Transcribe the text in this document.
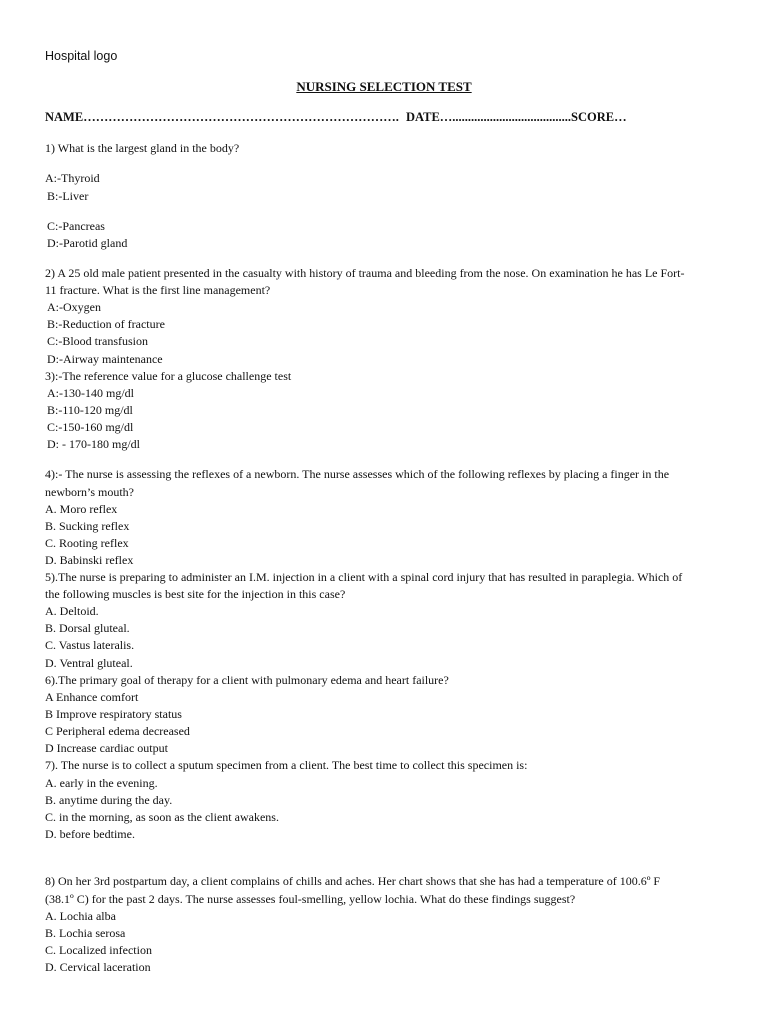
Hospital logo
NURSING SELECTION TEST
NAME…………………………………………………………………. DATE…......................................SCORE…
1) What is the largest gland in the body?
A:-Thyroid
B:-Liver
C:-Pancreas
D:-Parotid gland
2) A 25 old male patient presented in the casualty with history of trauma and bleeding from the nose. On examination he has Le Fort-
11 fracture. What is the first line management?
A:-Oxygen
B:-Reduction of fracture
C:-Blood transfusion
D:-Airway maintenance
3):-The reference value for a glucose challenge test
A:-130-140 mg/dl
B:-110-120 mg/dl
C:-150-160 mg/dl
D: - 170-180 mg/dl
4):- The nurse is assessing the reflexes of a newborn. The nurse assesses which of the following reflexes by placing a finger in the
newborn’s mouth?
A. Moro reflex
B. Sucking reflex
C. Rooting reflex
D. Babinski reflex
5).The nurse is preparing to administer an I.M. injection in a client with a spinal cord injury that has resulted in paraplegia. Which of
the following muscles is best site for the injection in this case?
A. Deltoid.
B. Dorsal gluteal.
C. Vastus lateralis.
D. Ventral gluteal.
6).The primary goal of therapy for a client with pulmonary edema and heart failure?
A Enhance comfort
B Improve respiratory status
C Peripheral edema decreased
D Increase cardiac output
7). The nurse is to collect a sputum specimen from a client. The best time to collect this specimen is:
A. early in the evening.
B. anytime during the day.
C. in the morning, as soon as the client awakens.
D. before bedtime.
8) On her 3rd postpartum day, a client complains of chills and aches. Her chart shows that she has had a temperature of 100.6º F
(38.1º C) for the past 2 days. The nurse assesses foul-smelling, yellow lochia. What do these findings suggest?
A. Lochia alba
B. Lochia serosa
C. Localized infection
D. Cervical laceration
